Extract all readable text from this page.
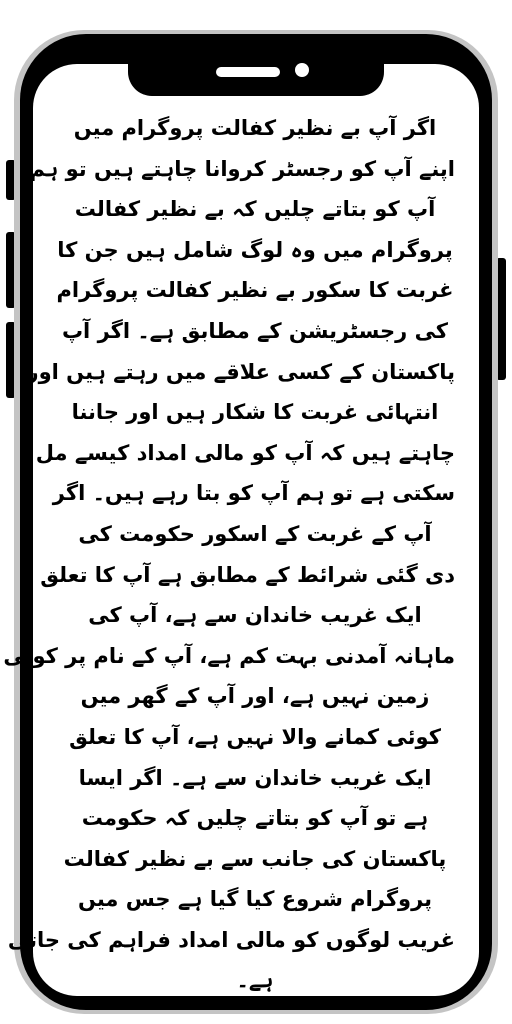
اگر آپ بے نظیر کفالت پروگرام میں
اپنے آپ کو رجسٹر کروانا چاہتے ہیں تو ہم
آپ کو بتاتے چلیں کہ بے نظیر کفالت
پروگرام میں وہ لوگ شامل ہیں جن کا
غربت کا سکور بے نظیر کفالت پروگرام
کی رجسٹریشن کے مطابق ہے۔ اگر آپ
پاکستان کے کسی علاقے میں رہتے ہیں اور
انتہائی غربت کا شکار ہیں اور جاننا
چاہتے ہیں کہ آپ کو مالی امداد کیسے مل
سکتی ہے تو ہم آپ کو بتا رہے ہیں۔ اگر
آپ کے غربت کے اسکور حکومت کی
دی گئی شرائط کے مطابق ہے آپ کا تعلق
ایک غریب خاندان سے ہے، آپ کی
ماہانہ آمدنی بہت کم ہے، آپ کے نام پر کوئی
زمین نہیں ہے، اور آپ کے گھر میں
کوئی کمانے والا نہیں ہے، آپ کا تعلق
ایک غریب خاندان سے ہے۔ اگر ایسا
ہے تو آپ کو بتاتے چلیں کہ حکومت
پاکستان کی جانب سے بے نظیر کفالت
پروگرام شروع کیا گیا ہے جس میں
غریب لوگوں کو مالی امداد فراہم کی جاتی
ہے۔
